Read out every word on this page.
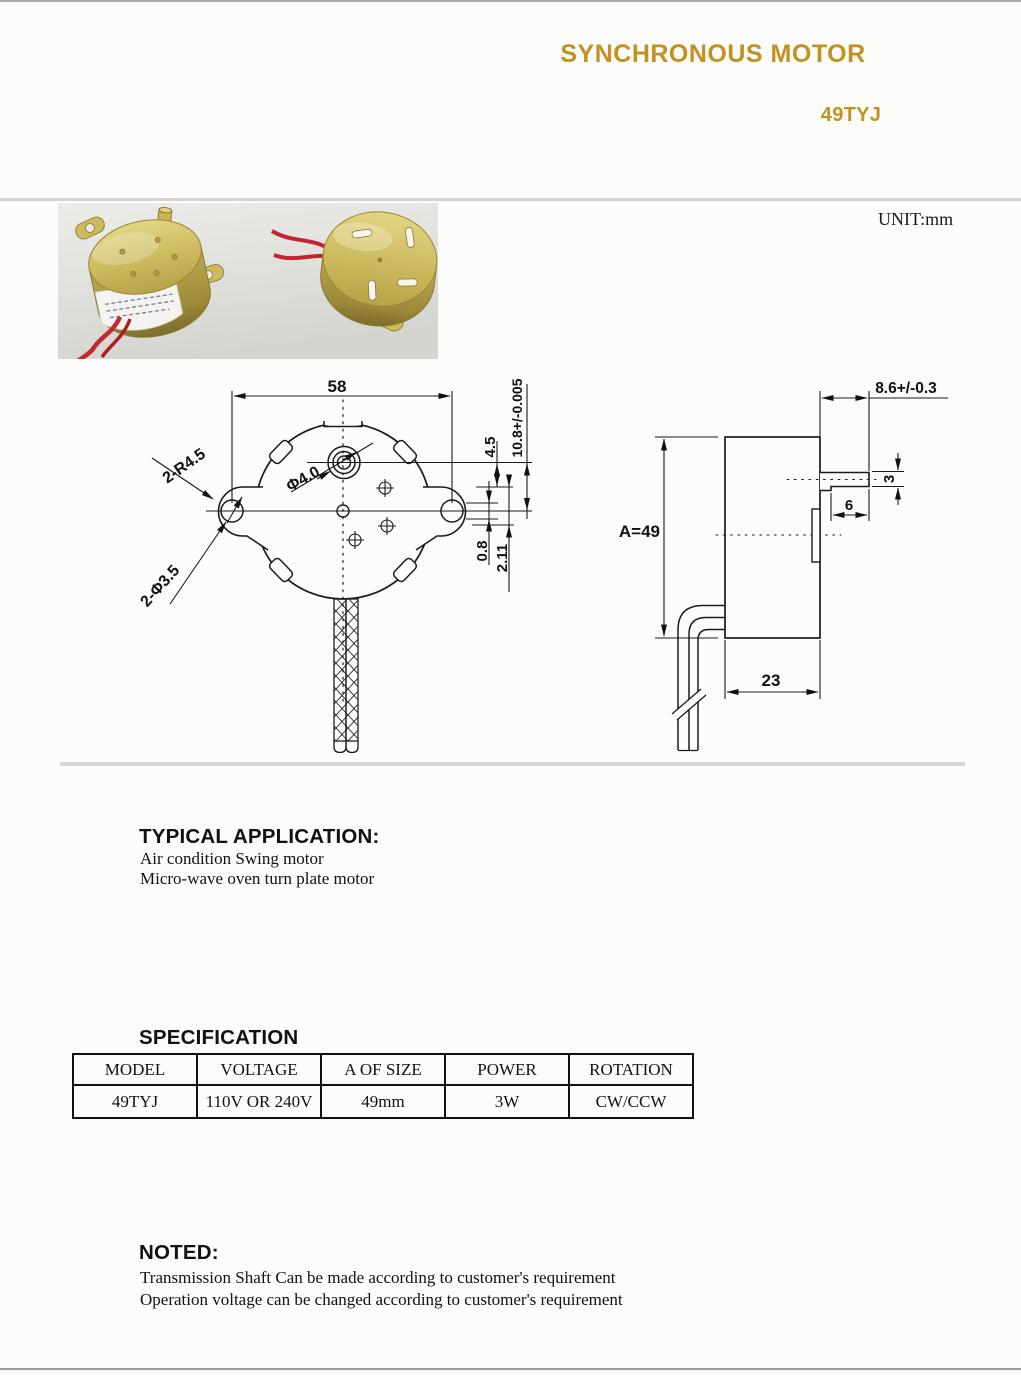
SYNCHRONOUS MOTOR
49TYJ
UNIT:mm
58
2-R4.5	Φ4.0
2-Φ3.5
4.5 10.8+/-0.005
0.8 2.11
A=49
8.6+/-0.3
3
6
23
TYPICAL APPLICATION:
Air condition Swing motor
Micro-wave oven turn plate motor
SPECIFICATION
MODEL	VOLTAGE	A OF SIZE	POWER	ROTATION
49TYJ	110V OR 240V	49mm	3W	CW/CCW
NOTED:
Transmission Shaft Can be made according to customer's requirement
Operation voltage can be changed according to customer's requirement
